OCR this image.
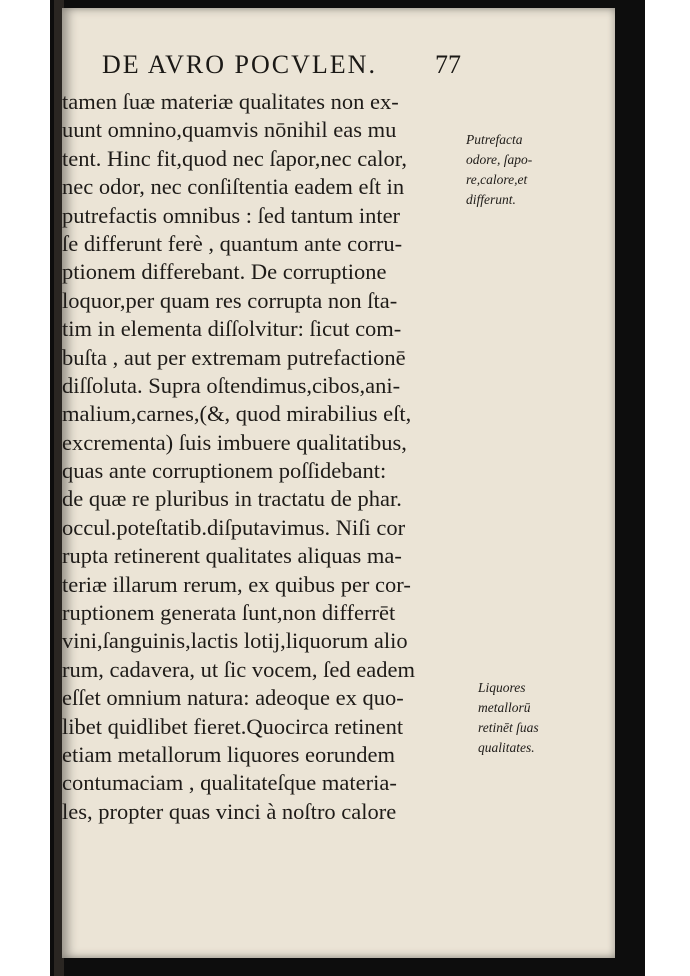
DE AVRO POCVLEN. 77
tamen ſuæ materiæ qualitates non ex-
uunt omnino,quamvis nōnihil eas mu
tent. Hinc fit,quod nec ſapor,nec calor,
nec odor, nec conſiſtentia eadem eſt in
putrefactis omnibus : ſed tantum inter
ſe differunt ferè , quantum ante corru-
ptionem differebant. De corruptione
loquor,per quam res corrupta non ſta-
tim in elementa diſſolvitur: ſicut com-
buſta , aut per extremam putrefactionē
diſſoluta. Supra oſtendimus,cibos,ani-
malium,carnes,(&, quod mirabilius eſt,
excrementa) ſuis imbuere qualitatibus,
quas ante corruptionem poſſidebant:
de quæ re pluribus in tractatu de phar.
occul.poteſtatib.diſputavimus. Niſi cor
rupta retinerent qualitates aliquas ma-
teriæ illarum rerum, ex quibus per cor-
ruptionem generata ſunt,non differrēt
vini,ſanguinis,lactis lotij,liquorum alio
rum, cadavera, ut ſic vocem, ſed eadem
eſſet omnium natura: adeoque ex quo-
libet quidlibet fieret.Quocirca retinent
etiam metallorum liquores eorundem
contumaciam , qualitateſque materia-
les, propter quas vinci à noſtro calore
Putrefacta
odore, ſapo-
re,calore,et
differunt.
Liquores
metallorū
retinēt ſuas
qualitates.
